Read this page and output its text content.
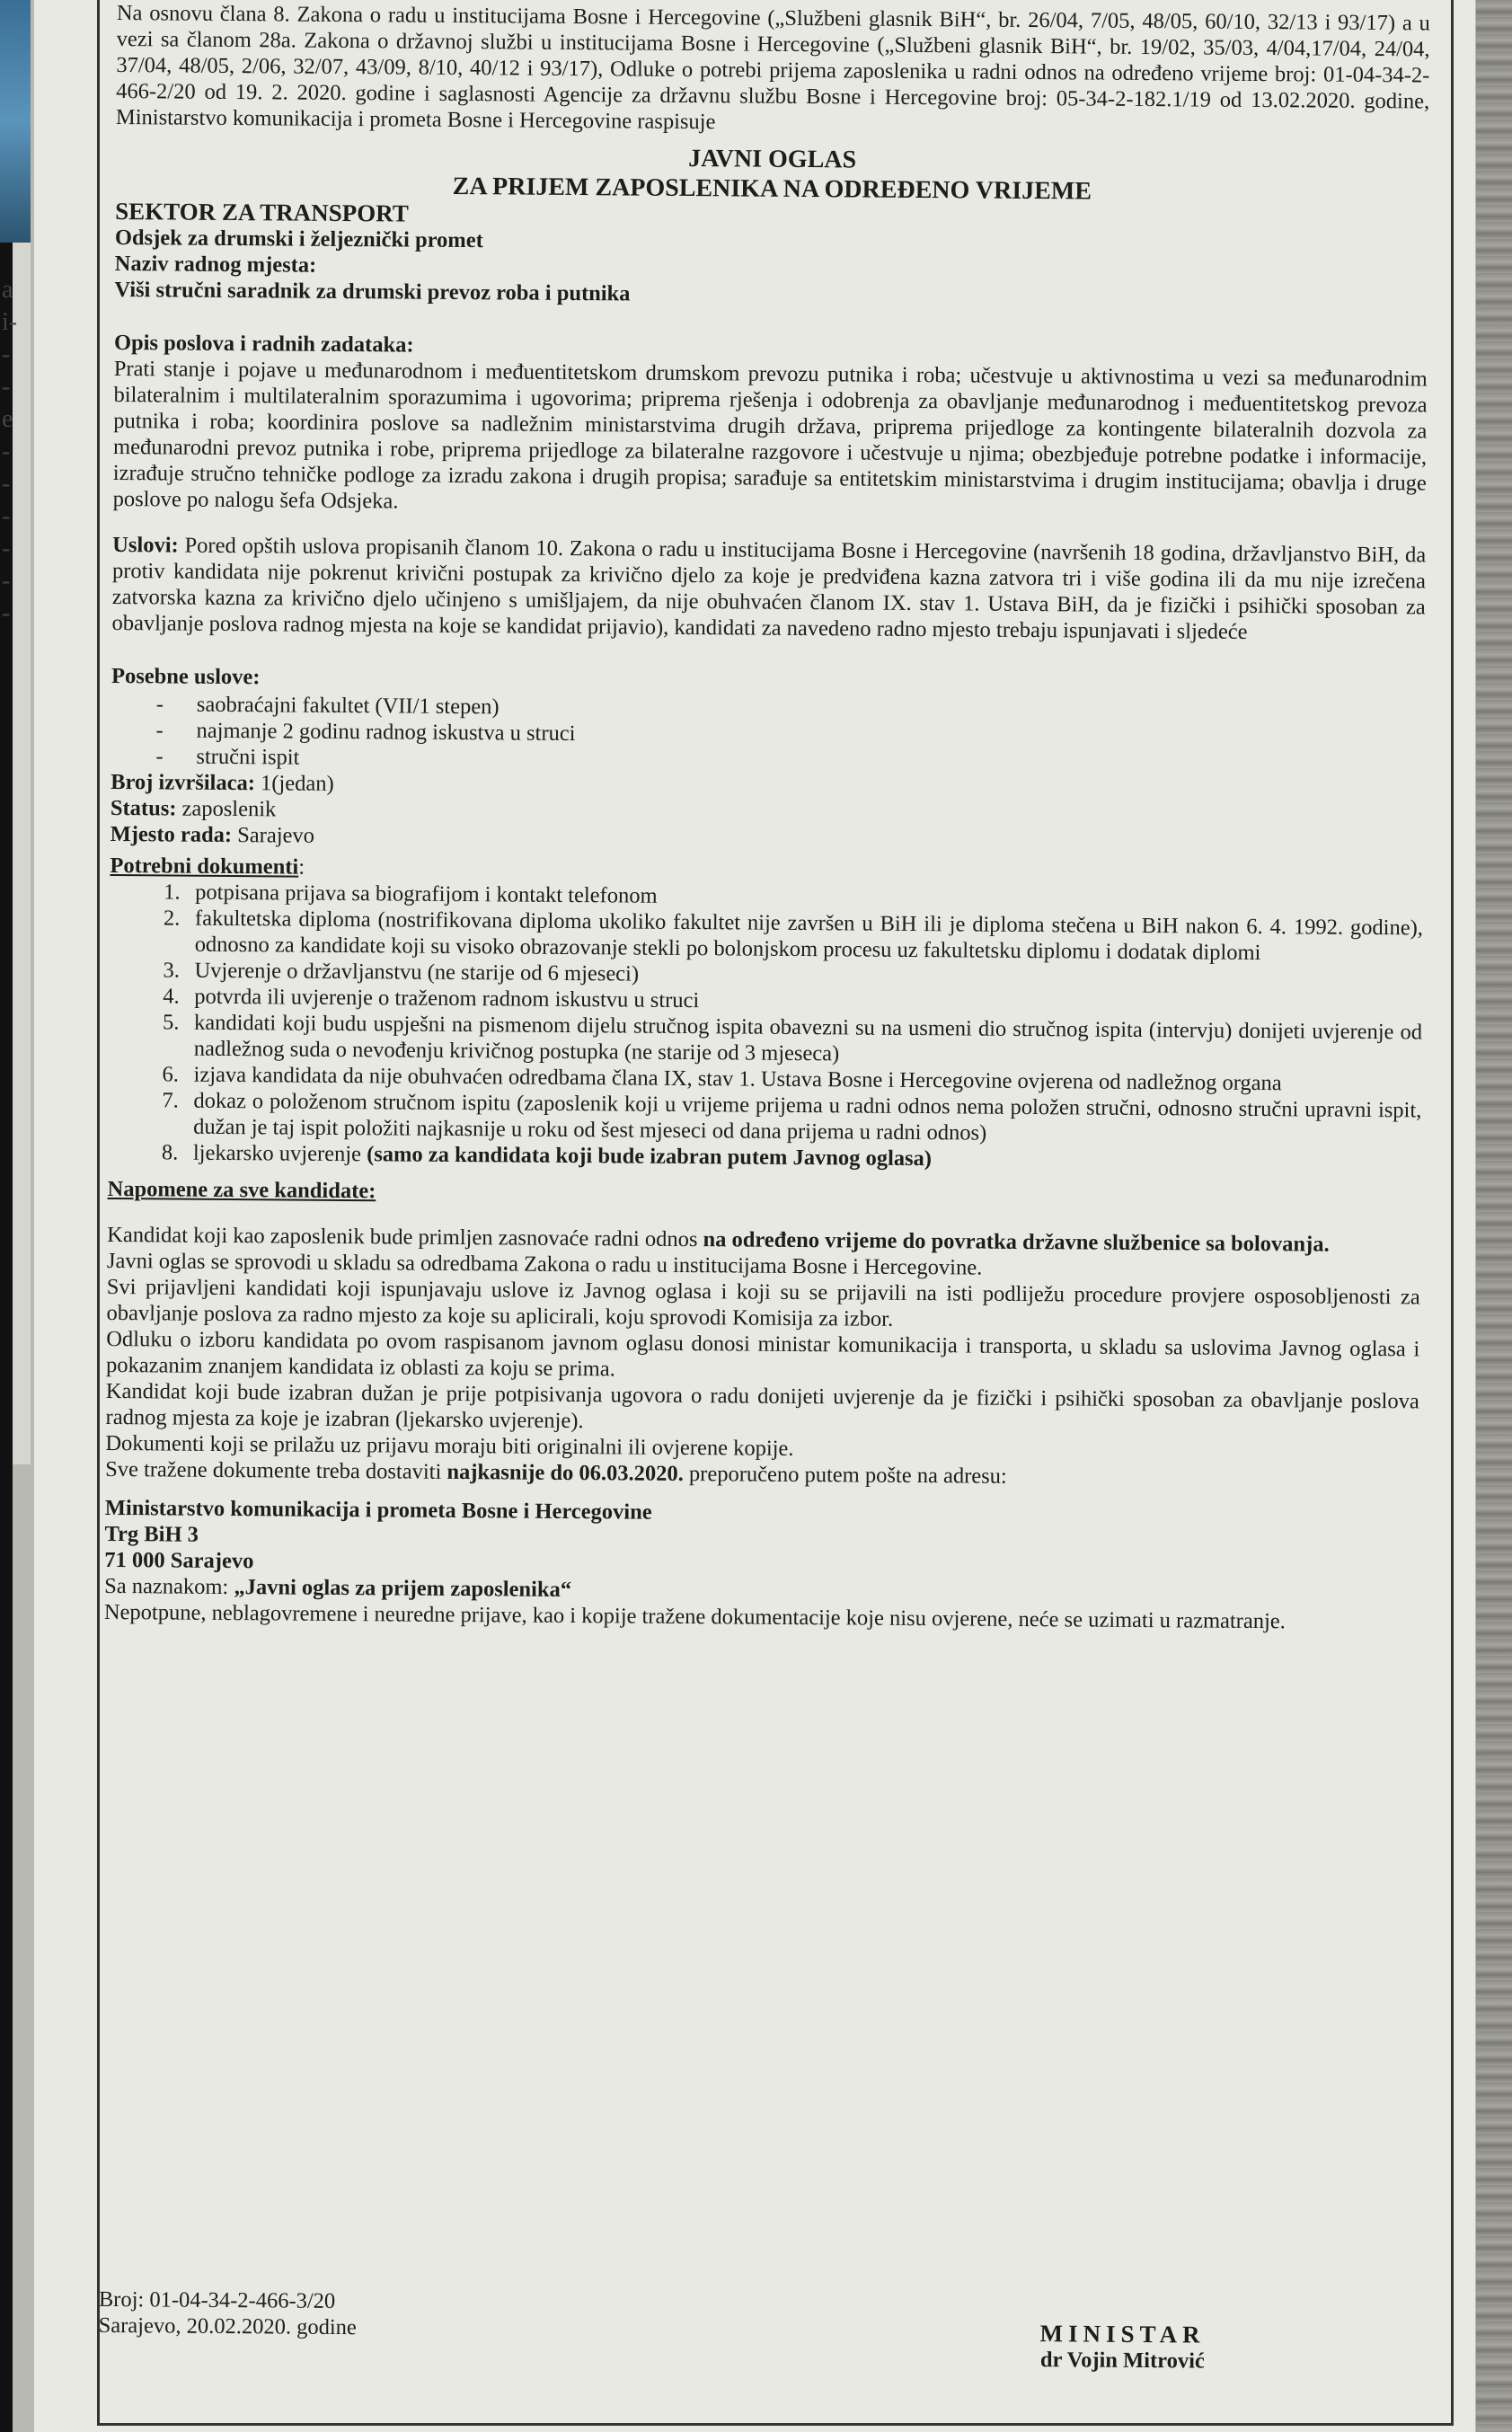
a
i-
-
-
e
-
-
-
-
-
-

Na osnovu člana 8. Zakona o radu u institucijama Bosne i Hercegovine („Službeni glasnik BiH“, br. 26/04, 7/05, 48/05, 60/10, 32/13 i 93/17) a u vezi sa članom 28a. Zakona o državnoj službi u institucijama Bosne i Hercegovine („Službeni glasnik BiH“, br. 19/02, 35/03, 4/04,17/04, 24/04, 37/04, 48/05, 2/06, 32/07, 43/09, 8/10, 40/12 i 93/17), Odluke o potrebi prijema zaposlenika u radni odnos na određeno vrijeme broj: 01-04-34-2-466-2/20 od 19. 2. 2020. godine i saglasnosti Agencije za državnu službu Bosne i Hercegovine broj: 05-34-2-182.1/19 od 13.02.2020. godine, Ministarstvo komunikacija i prometa Bosne i Hercegovine raspisuje

JAVNI OGLAS
ZA PRIJEM ZAPOSLENIKA NA ODREĐENO VRIJEME

SEKTOR ZA TRANSPORT

Odsjek za drumski i željeznički promet

Naziv radnog mjesta:

Viši stručni saradnik za drumski prevoz roba i putnika

Opis poslova i radnih zadataka:

Prati stanje i pojave u međunarodnom i međuentitetskom drumskom prevozu putnika i roba; učestvuje u aktivnostima u vezi sa međunarodnim bilateralnim i multilateralnim sporazumima i ugovorima; priprema rješenja i odobrenja za obavljanje međunarodnog i međuentitetskog prevoza putnika i roba; koordinira poslove sa nadležnim ministarstvima drugih država, priprema prijedloge za kontingente bilateralnih dozvola za međunarodni prevoz putnika i robe, priprema prijedloge za bilateralne razgovore i učestvuje u njima; obezbjeđuje potrebne podatke i informacije, izrađuje stručno tehničke podloge za izradu zakona i drugih propisa; sarađuje sa entitetskim ministarstvima i drugim institucijama; obavlja i druge poslove po nalogu šefa Odsjeka.

Uslovi: Pored opštih uslova propisanih članom 10. Zakona o radu u institucijama Bosne i Hercegovine (navršenih 18 godina, državljanstvo BiH, da protiv kandidata nije pokrenut krivični postupak za krivično djelo za koje je predviđena kazna zatvora tri i više godina ili da mu nije izrečena zatvorska kazna za krivično djelo učinjeno s umišljajem, da nije obuhvaćen članom IX. stav 1. Ustava BiH, da je fizički i psihički sposoban za obavljanje poslova radnog mjesta na koje se kandidat prijavio), kandidati za navedeno radno mjesto trebaju ispunjavati i sljedeće

Posebne uslove:

- saobraćajni fakultet (VII/1 stepen)
- najmanje 2 godinu radnog iskustva u struci
- stručni ispit

Broj izvršilaca: 1(jedan)

Status: zaposlenik

Mjesto rada: Sarajevo

Potrebni dokumenti:

1. potpisana prijava sa biografijom i kontakt telefonom
2. fakultetska diploma (nostrifikovana diploma ukoliko fakultet nije završen u BiH ili je diploma stečena u BiH nakon 6. 4. 1992. godine), odnosno za kandidate koji su visoko obrazovanje stekli po bolonjskom procesu uz fakultetsku diplomu i dodatak diplomi
3. Uvjerenje o državljanstvu (ne starije od 6 mjeseci)
4. potvrda ili uvjerenje o traženom radnom iskustvu u struci
5. kandidati koji budu uspješni na pismenom dijelu stručnog ispita obavezni su na usmeni dio stručnog ispita (intervju) donijeti uvjerenje od nadležnog suda o nevođenju krivičnog postupka (ne starije od 3 mjeseca)
6. izjava kandidata da nije obuhvaćen odredbama člana IX, stav 1. Ustava Bosne i Hercegovine ovjerena od nadležnog organa
7. dokaz o položenom stručnom ispitu (zaposlenik koji u vrijeme prijema u radni odnos nema položen stručni, odnosno stručni upravni ispit, dužan je taj ispit položiti najkasnije u roku od šest mjeseci od dana prijema u radni odnos)
8. ljekarsko uvjerenje (samo za kandidata koji bude izabran putem Javnog oglasa)

Napomene za sve kandidate:

Kandidat koji kao zaposlenik bude primljen zasnovaće radni odnos na određeno vrijeme do povratka državne službenice sa bolovanja.

Javni oglas se sprovodi u skladu sa odredbama Zakona o radu u institucijama Bosne i Hercegovine.

Svi prijavljeni kandidati koji ispunjavaju uslove iz Javnog oglasa i koji su se prijavili na isti podliježu procedure provjere osposobljenosti za obavljanje poslova za radno mjesto za koje su aplicirali, koju sprovodi Komisija za izbor.

Odluku o izboru kandidata po ovom raspisanom javnom oglasu donosi ministar komunikacija i transporta, u skladu sa uslovima Javnog oglasa i pokazanim znanjem kandidata iz oblasti za koju se prima.

Kandidat koji bude izabran dužan je prije potpisivanja ugovora o radu donijeti uvjerenje da je fizički i psihički sposoban za obavljanje poslova radnog mjesta za koje je izabran (ljekarsko uvjerenje).

Dokumenti koji se prilažu uz prijavu moraju biti originalni ili ovjerene kopije.

Sve tražene dokumente treba dostaviti najkasnije do 06.03.2020. preporučeno putem pošte na adresu:

Ministarstvo komunikacija i prometa Bosne i Hercegovine

Trg BiH 3

71 000 Sarajevo

Sa naznakom: „Javni oglas za prijem zaposlenika“

Nepotpune, neblagovremene i neuredne prijave, kao i kopije tražene dokumentacije koje nisu ovjerene, neće se uzimati u razmatranje.

Broj: 01-04-34-2-466-3/20

Sarajevo, 20.02.2020. godine	MINISTAR
dr Vojin Mitrović
